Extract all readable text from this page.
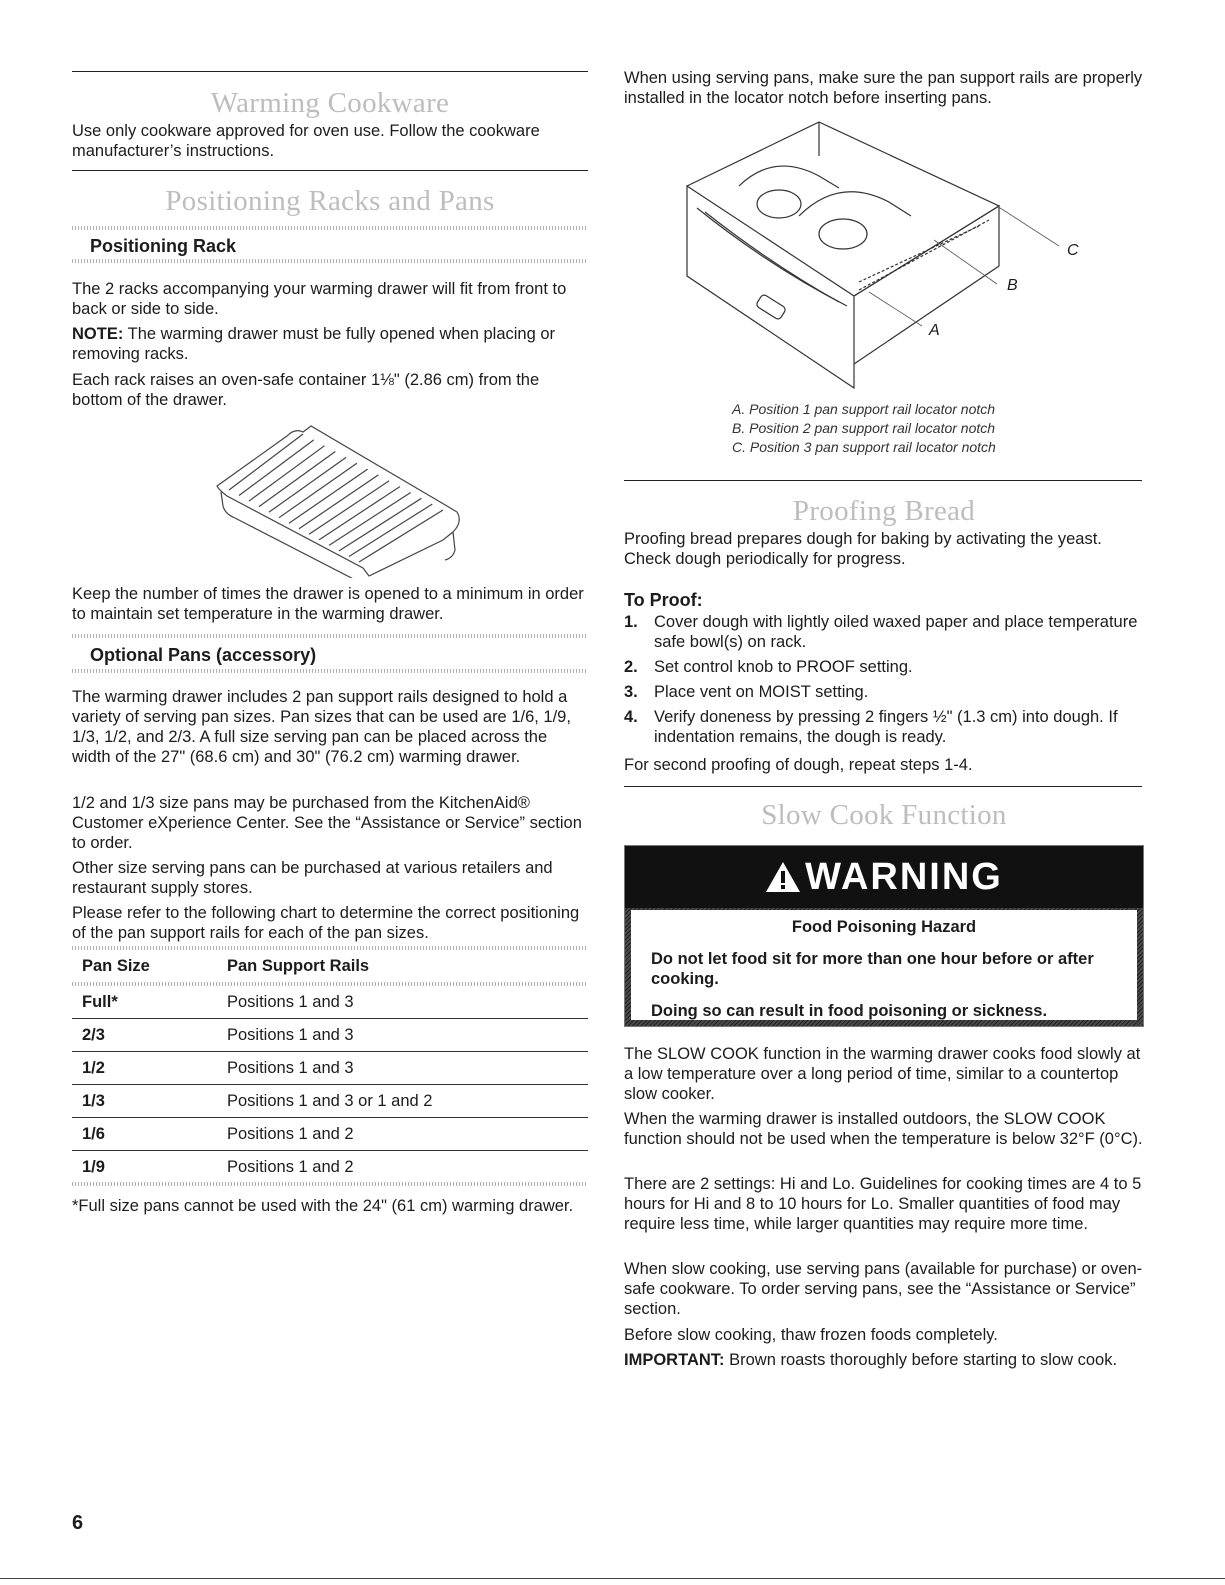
Warming Cookware

Use only cookware approved for oven use. Follow the cookware manufacturer’s instructions.

Positioning Racks and Pans
Positioning Rack

The 2 racks accompanying your warming drawer will fit from front to back or side to side.

NOTE: The warming drawer must be fully opened when placing or removing racks.

Each rack raises an oven-safe container 1⅛" (2.86 cm) from the bottom of the drawer.

Keep the number of times the drawer is opened to a minimum in order to maintain set temperature in the warming drawer.

Optional Pans (accessory)

The warming drawer includes 2 pan support rails designed to hold a variety of serving pan sizes. Pan sizes that can be used are 1/6, 1/9, 1/3, 1/2, and 2/3. A full size serving pan can be placed across the width of the 27" (68.6 cm) and 30" (76.2 cm) warming drawer.

1/2 and 1/3 size pans may be purchased from the KitchenAid® Customer eXperience Center. See the “Assistance or Service” section to order.

Other size serving pans can be purchased at various retailers and restaurant supply stores.

Please refer to the following chart to determine the correct positioning of the pan support rails for each of the pan sizes.

Pan Size	Pan Support Rails

Full*	Positions 1 and 3
2/3	Positions 1 and 3
1/2	Positions 1 and 3
1/3	Positions 1 and 3 or 1 and 2
1/6	Positions 1 and 2
1/9	Positions 1 and 2

*Full size pans cannot be used with the 24" (61 cm) warming drawer.

When using serving pans, make sure the pan support rails are properly installed in the locator notch before inserting pans.

A
B
C
A. Position 1 pan support rail locator notch
B. Position 2 pan support rail locator notch
C. Position 3 pan support rail locator notch
Proofing Bread

Proofing bread prepares dough for baking by activating the yeast. Check dough periodically for progress.

To Proof:
1. Cover dough with lightly oiled waxed paper and place temperature safe bowl(s) on rack.
2. Set control knob to PROOF setting.
3. Place vent on MOIST setting.
4. Verify doneness by pressing 2 fingers ½" (1.3 cm) into dough. If indentation remains, the dough is ready.

For second proofing of dough, repeat steps 1-4.

Slow Cook Function
WARNING
Food Poisoning Hazard
Do not let food sit for more than one hour before or after cooking.
Doing so can result in food poisoning or sickness.

The SLOW COOK function in the warming drawer cooks food slowly at a low temperature over a long period of time, similar to a countertop slow cooker.

When the warming drawer is installed outdoors, the SLOW COOK function should not be used when the temperature is below 32°F (0°C).

There are 2 settings: Hi and Lo. Guidelines for cooking times are 4 to 5 hours for Hi and 8 to 10 hours for Lo. Smaller quantities of food may require less time, while larger quantities may require more time.

When slow cooking, use serving pans (available for purchase) or oven-safe cookware. To order serving pans, see the “Assistance or Service” section.

Before slow cooking, thaw frozen foods completely.

IMPORTANT: Brown roasts thoroughly before starting to slow cook.

6
